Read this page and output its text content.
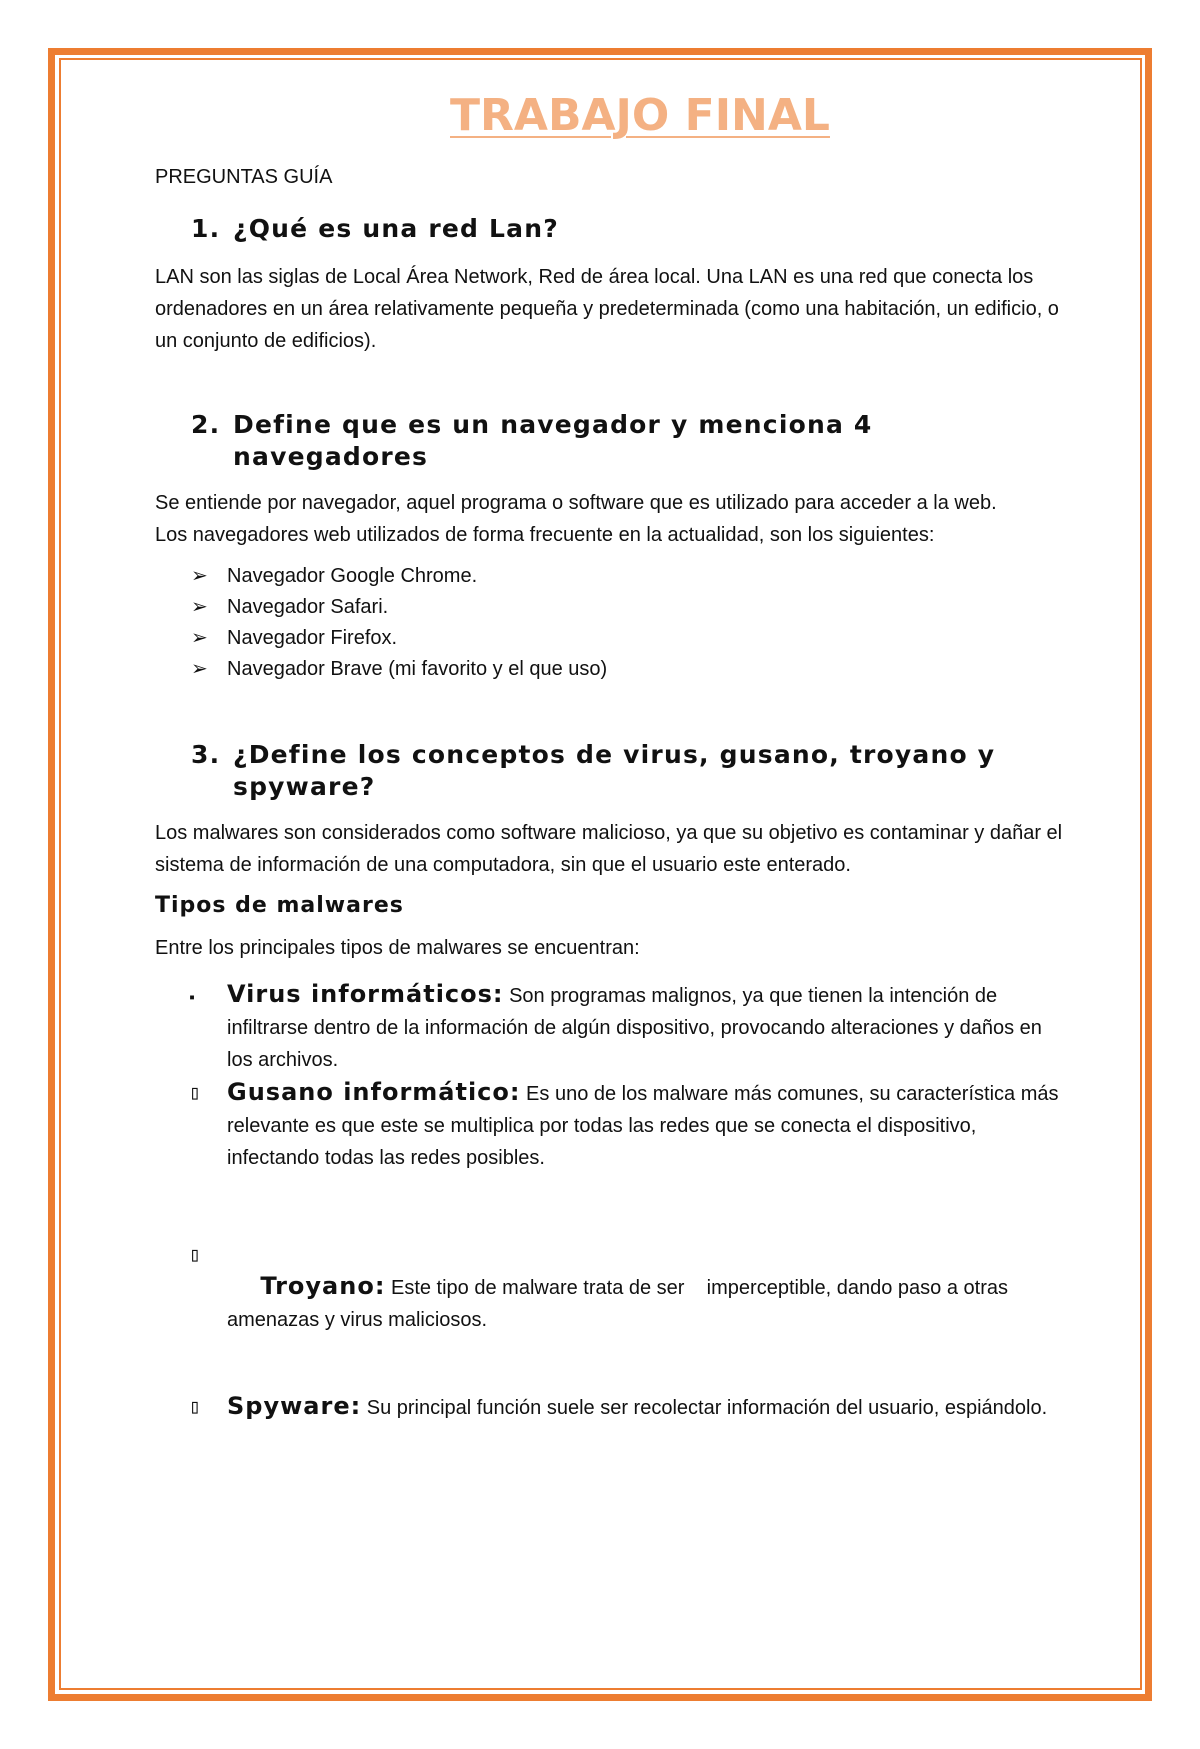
TRABAJO FINAL

PREGUNTAS GUÍA

1. ¿Qué es una red Lan?

LAN son las siglas de Local Área Network, Red de área local. Una LAN es una red que conecta los ordenadores en un área relativamente pequeña y predeterminada (como una habitación, un edificio, o un conjunto de edificios).

2. Define que es un navegador y menciona 4 navegadores

Se entiende por navegador, aquel programa o software que es utilizado para acceder a la web.

Los navegadores web utilizados de forma frecuente en la actualidad, son los siguientes:

➢ Navegador Google Chrome.
➢ Navegador Safari.
➢ Navegador Firefox.
➢ Navegador Brave (mi favorito y el que uso)
3. ¿Define los conceptos de virus, gusano, troyano y spyware?

Los malwares son considerados como software malicioso, ya que su objetivo es contaminar y dañar el sistema de información de una computadora, sin que el usuario este enterado.

Tipos de malwares

Entre los principales tipos de malwares se encuentran:

▪	Virus informáticos: Son programas malignos, ya que tienen la intención de infiltrarse dentro de la información de algún dispositivo, provocando alteraciones y daños en los archivos.
▯	Gusano informático: Es uno de los malware más comunes, su característica más relevante es que este se multiplica por todas las redes que se conecta el dispositivo, infectando todas las redes posibles.
▯

Troyano: Este tipo de malware trata de ser    imperceptible, dando paso a otras amenazas y virus maliciosos.

▯	Spyware: Su principal función suele ser recolectar información del usuario, espiándolo.
